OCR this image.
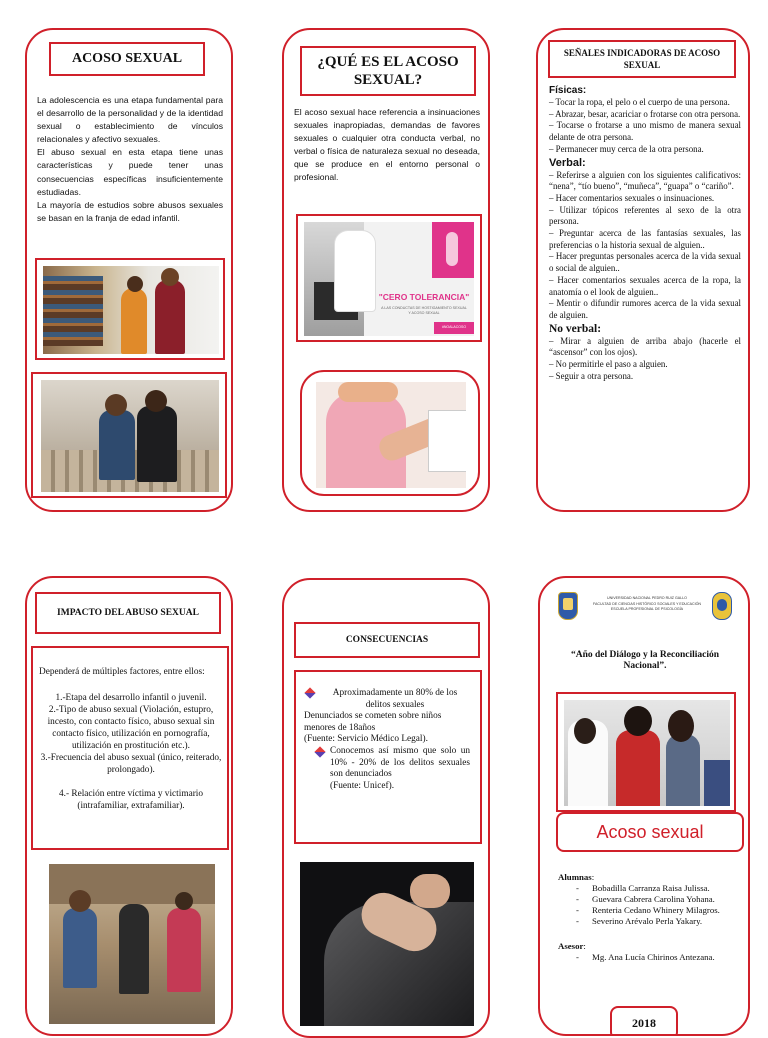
ACOSO SEXUAL

La adolescencia es una etapa fundamental para el desarrollo de la personalidad y de la identidad sexual o establecimiento de vínculos relacionales y afectivo sexuales.

El abuso sexual en esta etapa tiene unas características y puede tener unas consecuencias específicas insuficientemente estudiadas.

La mayoría de estudios sobre abusos sexuales se basan en la franja de edad infantil.

¿QUÉ ES EL ACOSO SEXUAL?

El acoso sexual hace referencia a insinuaciones sexuales inapropiadas, demandas de favores sexuales o cualquier otra conducta verbal, no verbal o física de naturaleza sexual no deseada, que se produce en el entorno personal o profesional.

"CERO TOLERANCIA"
A LAS CONDUCTAS DE HOSTIGAMIENTO SEXUAL Y ACOSO SEXUAL
#NOALACOSO
SEÑALES INDICADORAS DE ACOSO SEXUAL

Físicas:

– Tocar la ropa, el pelo o el cuerpo de una persona.

– Abrazar, besar, acariciar o frotarse con otra persona.

– Tocarse o frotarse a uno mismo de manera sexual delante de otra persona.

– Permanecer muy cerca de la otra persona.

Verbal:

– Referirse a alguien con los siguientes calificativos: “nena”, “tío bueno”, “muñeca”, “guapa” o “cariño”.

– Hacer comentarios sexuales o insinuaciones.

– Utilizar tópicos referentes al sexo de la otra persona.

– Preguntar acerca de las fantasías sexuales, las preferencias o la historia sexual de alguien..

– Hacer preguntas personales acerca de la vida sexual o social de alguien..

– Hacer comentarios sexuales acerca de la ropa, la anatomía o el look de alguien..

– Mentir o difundir rumores acerca de la vida sexual de alguien.

No verbal:

– Mirar a alguien de arriba abajo (hacerle el “ascensor” con los ojos).

– No permitirle el paso a alguien.

– Seguir a otra persona.

IMPACTO DEL ABUSO SEXUAL

Dependerá de múltiples factores, entre ellos:

1.-Etapa del desarrollo infantil o juvenil.

2.-Tipo de abuso sexual (Violación, estupro, incesto, con contacto físico, abuso sexual sin contacto físico, utilización en pornografía, utilización en prostitución etc.).

3.-Frecuencia del abuso sexual (único, reiterado, prolongado).

4.- Relación entre víctima y victimario (intrafamiliar, extrafamiliar).

CONSECUENCIAS

Aproximadamente un 80% de los delitos sexuales

Denunciados se cometen sobre niños menores de 18años

(Fuente: Servicio Médico Legal).

Conocemos así mismo que solo un 10% - 20% de los delitos sexuales son denunciados

(Fuente: Unicef).

UNIVERSIDAD NACIONAL PEDRO RUIZ GALLO

FACULTAD DE CIENCIAS HISTÓRICO SOCIALES Y EDUCACIÓN

ESCUELA PROFESIONAL DE PSICOLOGÍA

“Año del Diálogo y la Reconciliación Nacional”.

Acoso sexual

Alumnas:

- Bobadilla Carranza Raisa Julissa.
- Guevara Cabrera Carolina Yohana.
- Renteria Cedano Whinery Milagros.
- Severino Arévalo Perla Yakary.

Asesor:

- Mg. Ana Lucía Chirinos Antezana.
2018
